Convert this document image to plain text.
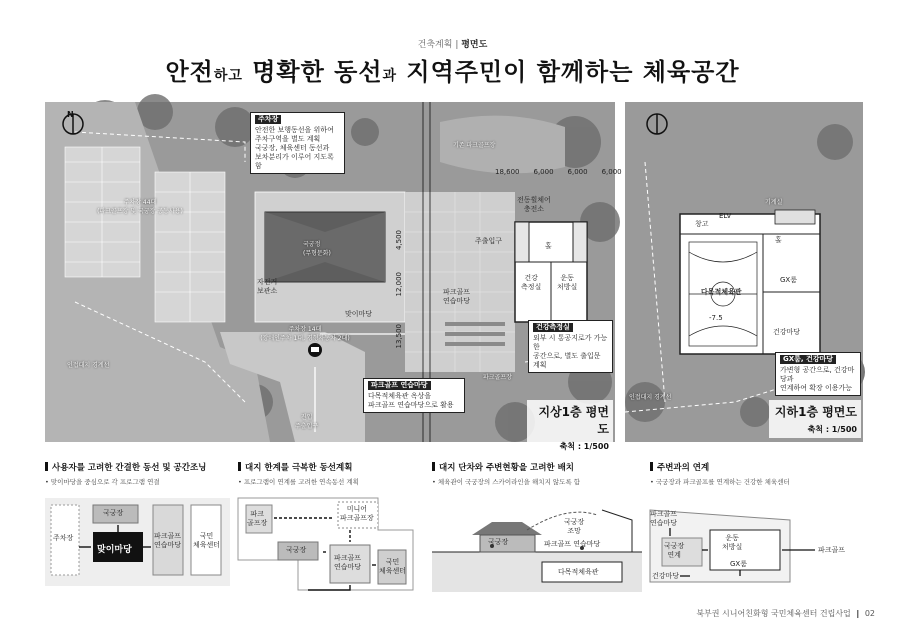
건축계획 | 평면도
안전하고 명확한 동선과 지역주민이 함께하는 체육공간
N	주차장
안전한 보행동선을 위하여
주차구역을 별도 계획
국궁장, 체육센터 동선과
보차분리가 이루어 지도록 함
주차장 44대
(파크골프장 및 국궁장 공동사용)
국궁정
(무형문화)
자전거
보관소
맞이마당
주차장 14대
(장애인주차 1대, 경형자동차 2대)
주출입구
전동휠체어
충전소
홀
건강
측정실
운동
처방실
파크골프
연습마당
기존 파크골프장
인접대지 경계선
파크골프장
진입
주출입구
18,600 6,000 6,000 6,000
4,500
12,000
13,500	건강측정실
외부 시 통공지로가 가능한
공간으로, 별도 출입문 계획
파크골프 연습마당
다목적체육관 옥상을
파크골프 연습마당으로 활용	지상1층 평면도
축척 : 1/500
창고
ELV
홀
기계실
다목적체육관
GX룸
건강마당
인접대지 경계선
-7.5
GX룸, 건강마당
가변형 공간으로, 건강마당과
연계하여 확장 이용가능
지하1층 평면도
축척 : 1/500
사용자를 고려한 간결한 동선 및 공간조닝
• 맞이마당을 중심으로 각 프로그램 연결
대지 한계를 극복한 동선계획
• 프로그램이 연계를 고려한 연속동선 계획
대지 단차와 주변현황을 고려한 배치
• 체육관이 국궁장의 스카이라인을 해치지 않도록 함
주변과의 연계
• 국궁장과 파크골프를 연계하는 건강한 체육센터
주차장
국궁장
맞이마당
파크골프
연습마당
국민
체육센터
파크
골프장
미니어
파크골프장
국궁장
파크골프
연습마당
국민
체육센터
국궁장
국궁장
조망
파크골프 연습마당
다목적체육관
파크골프
연습마당
국궁장
연계
운동
처방실	파크골프
GX룸
건강마당
북부권 시니어친화형 국민체육센터 건립사업 | 02
